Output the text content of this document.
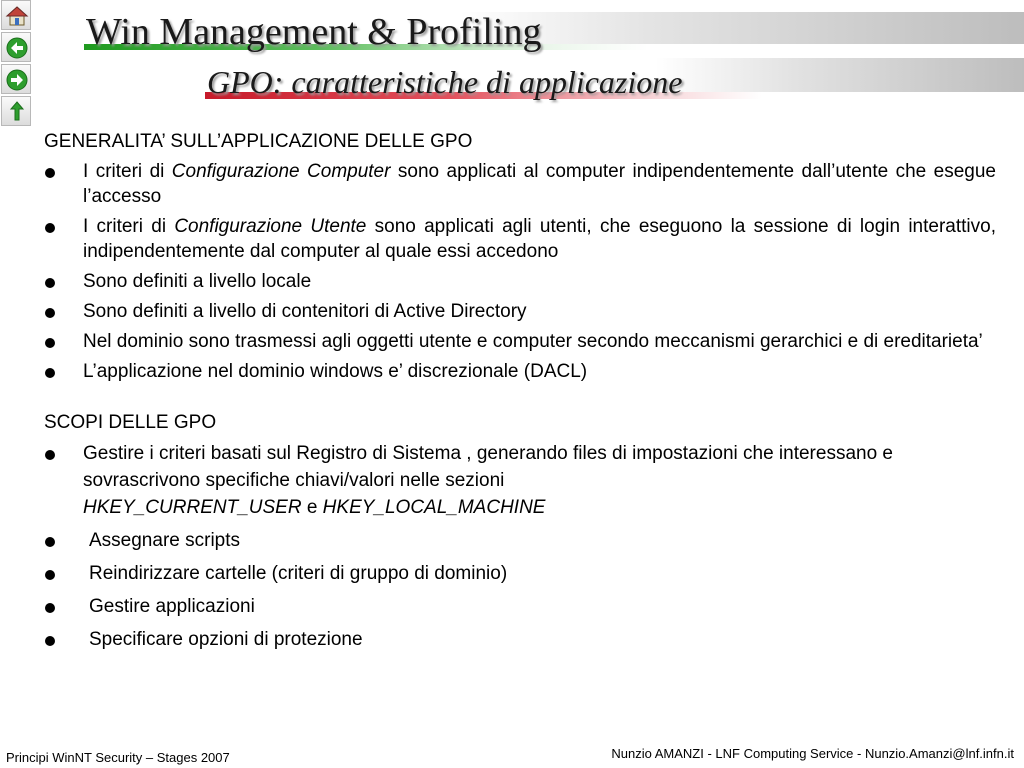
Win Management & Profiling
GPO: caratteristiche di applicazione

GENERALITA’ SULL’APPLICAZIONE DELLE GPO

I criteri di Configurazione Computer sono applicati al computer indipendentemente dall’utente che esegue l’accesso
I criteri di Configurazione Utente sono applicati agli utenti, che eseguono la sessione di login interattivo, indipendentemente dal computer al quale essi accedono
Sono definiti a livello locale
Sono definiti a livello di contenitori di Active Directory
Nel dominio sono trasmessi agli oggetti utente e computer secondo meccanismi gerarchici e di ereditarieta’
L’applicazione nel dominio windows e’ discrezionale (DACL)

SCOPI DELLE GPO

Gestire i criteri basati sul Registro di Sistema , generando files di impostazioni che interessano e sovrascrivono specifiche chiavi/valori nelle sezioni
HKEY_CURRENT_USER e HKEY_LOCAL_MACHINE
Assegnare scripts
Reindirizzare cartelle (criteri di gruppo di dominio)
Gestire applicazioni
Specificare opzioni di protezione
Principi WinNT Security – Stages 2007	Nunzio AMANZI - LNF Computing Service - Nunzio.Amanzi@lnf.infn.it
